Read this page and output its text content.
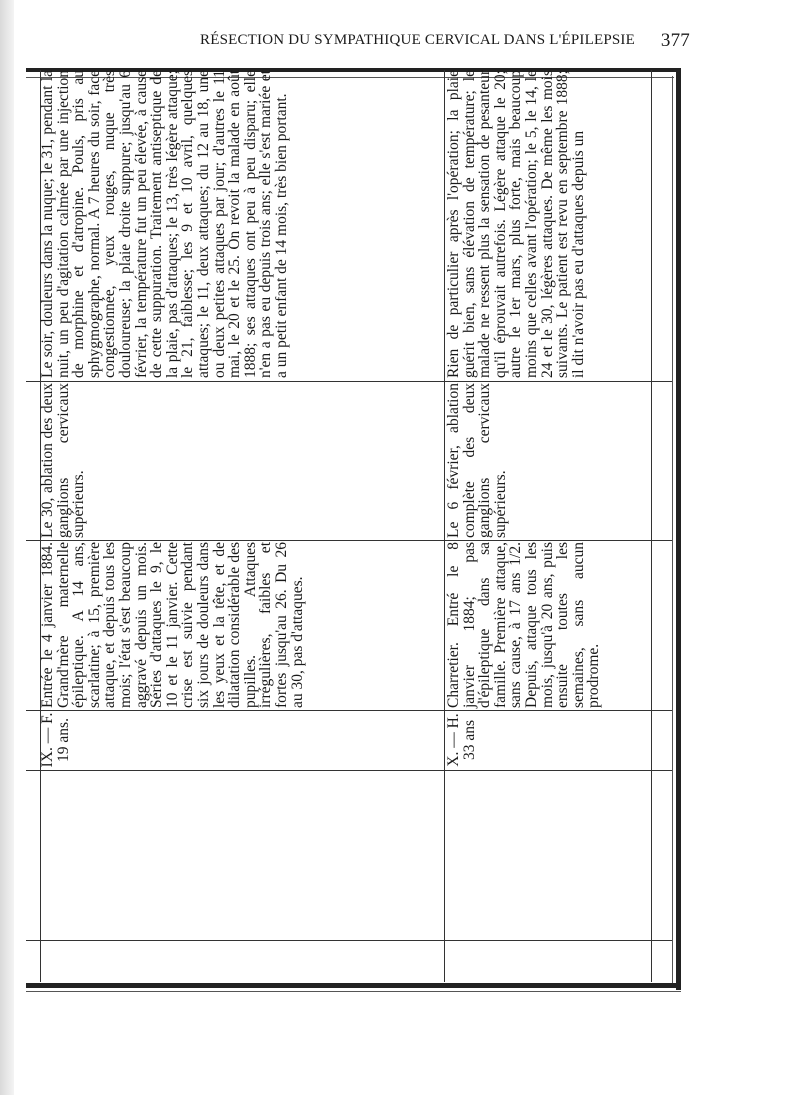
RÉSECTION DU SYMPATHIQUE CERVICAL DANS L'ÉPILEPSIE 377
IX. — F.
19 ans.
Entrée le 4 janvier 1884. Grand'mère maternelle épileptique. A 14 ans, scarlatine; à 15, première attaque, et depuis tous les mois; l'état s'est beaucoup aggravé depuis un mois. Séries d'attaques le 9, le 10 et le 11 janvier. Cette crise est suivie pendant six jours de douleurs dans les yeux et la tête, et de dilatation considérable des pupilles. Attaques irrégulières, faibles et fortes jusqu'au 26. Du 26 au 30, pas d'attaques.
Le 30, ablation des deux ganglions cervicaux supérieurs.
Le soir, douleurs dans la nuque; le 31, pendant la nuit, un peu d'agitation calmée par une injection de morphine et d'atropine. Pouls, pris au sphygmographe, normal. A 7 heures du soir, face congestionnée, yeux rouges, nuque très douloureuse; la plaie droite suppure; jusqu'au 6 février, la température fut un peu élevée, à cause de cette suppuration. Traitement antiseptique de la plaie, pas d'attaques; le 13, très légère attaque; le 21, faiblesse; les 9 et 10 avril, quelques attaques; le 11, deux attaques; du 12 au 18, une ou deux petites attaques par jour; d'autres le 11 mai, le 20 et le 25. On revoit la malade en août 1888; ses attaques ont peu à peu disparu; elle n'en a pas eu depuis trois ans; elle s'est mariée et a un petit enfant de 14 mois, très bien portant.
X. — H.
33 ans
Charretier. Entré le 8 janvier 1884; pas d'épileptique dans sa famille. Première attaque, sans cause, à 17 ans 1/2. Depuis, attaque tous les mois, jusqu'à 20 ans, puis ensuite toutes les semaines, sans aucun prodrome.
Le 6 février, ablation complète des deux ganglions cervicaux supérieurs.
Rien de particulier après l'opération; la plaie guérit bien, sans élévation de température; le malade ne ressent plus la sensation de pesanteur qu'il éprouvait autrefois. Légère attaque le 20; autre le 1er mars, plus forte, mais beaucoup moins que celles avant l'opération; le 5, le 14, le 24 et le 30, légères attaques. De même les mois suivants. Le patient est revu en septembre 1888; il dit n'avoir pas eu d'attaques depuis un
